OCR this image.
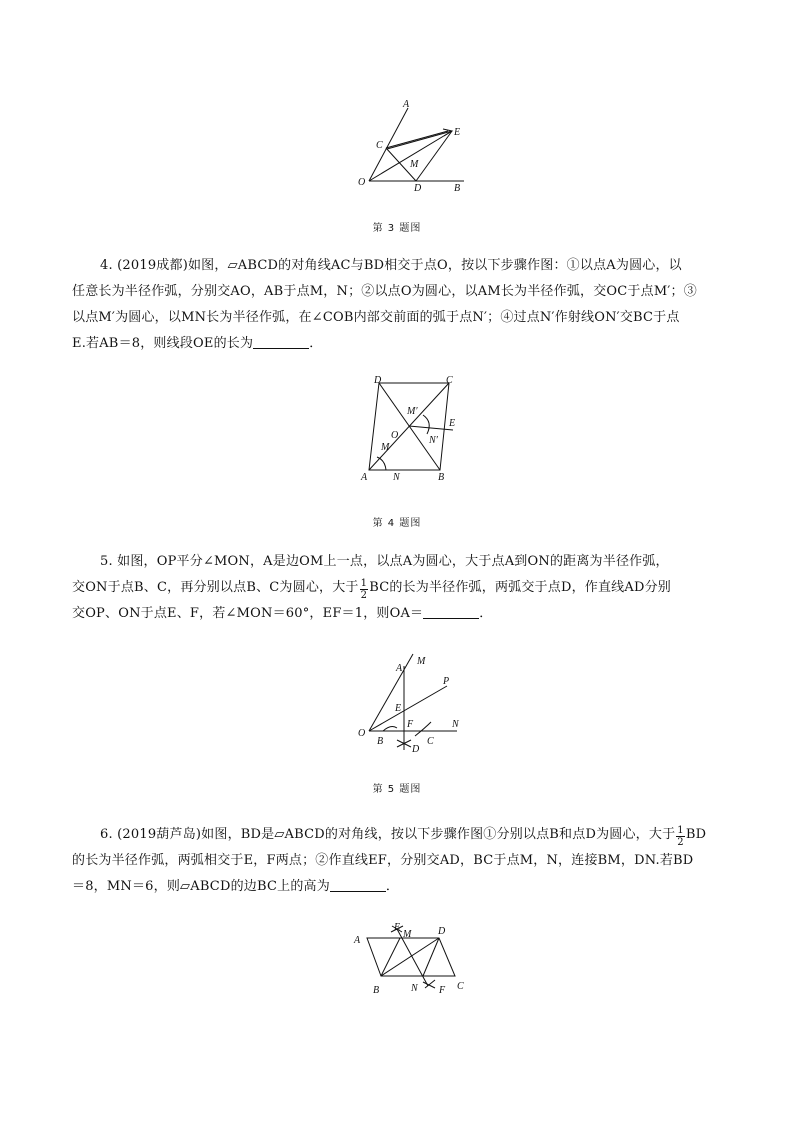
A
C
E
M
O
D	B
第 3 题图
4. (2019成都)如图，▱ABCD的对角线AC与BD相交于点O，按以下步骤作图：①以点A为圆心，以
任意长为半径作弧，分别交AO，AB于点M，N；②以点O为圆心，以AM长为半径作弧，交OC于点M′；③
以点M′为圆心，以MN长为半径作弧，在∠COB内部交前面的弧于点N′；④过点N′作射线ON′交BC于点
E.若AB＝8，则线段OE的长为	．
D	C
M′
E
O	N′
M
A	N	B
第 4 题图
5. 如图，OP平分∠MON，A是边OM上一点，以点A为圆心，大于点A到ON的距离为半径作弧，
交ON于点B、C，再分别以点B、C为圆心，大于 $\frac{1}{2}$ BC的长为半径作弧，两弧交于点D，作直线AD分别
交OP、ON于点E、F，若∠MON＝60°，EF＝1，则OA＝	．
A
M
P
E
F	N
O
B	C
D
第 5 题图
6. (2019葫芦岛)如图，BD是▱ABCD的对角线，按以下步骤作图①分别以点B和点D为圆心，大于 $\frac{1}{2}$ BD
的长为半径作弧，两弧相交于E，F两点；②作直线EF，分别交AD，BC于点M，N，连接BM，DN.若BD
＝8，MN＝6，则▱ABCD的边BC上的高为	．
E
M	D
A
B	N F C
